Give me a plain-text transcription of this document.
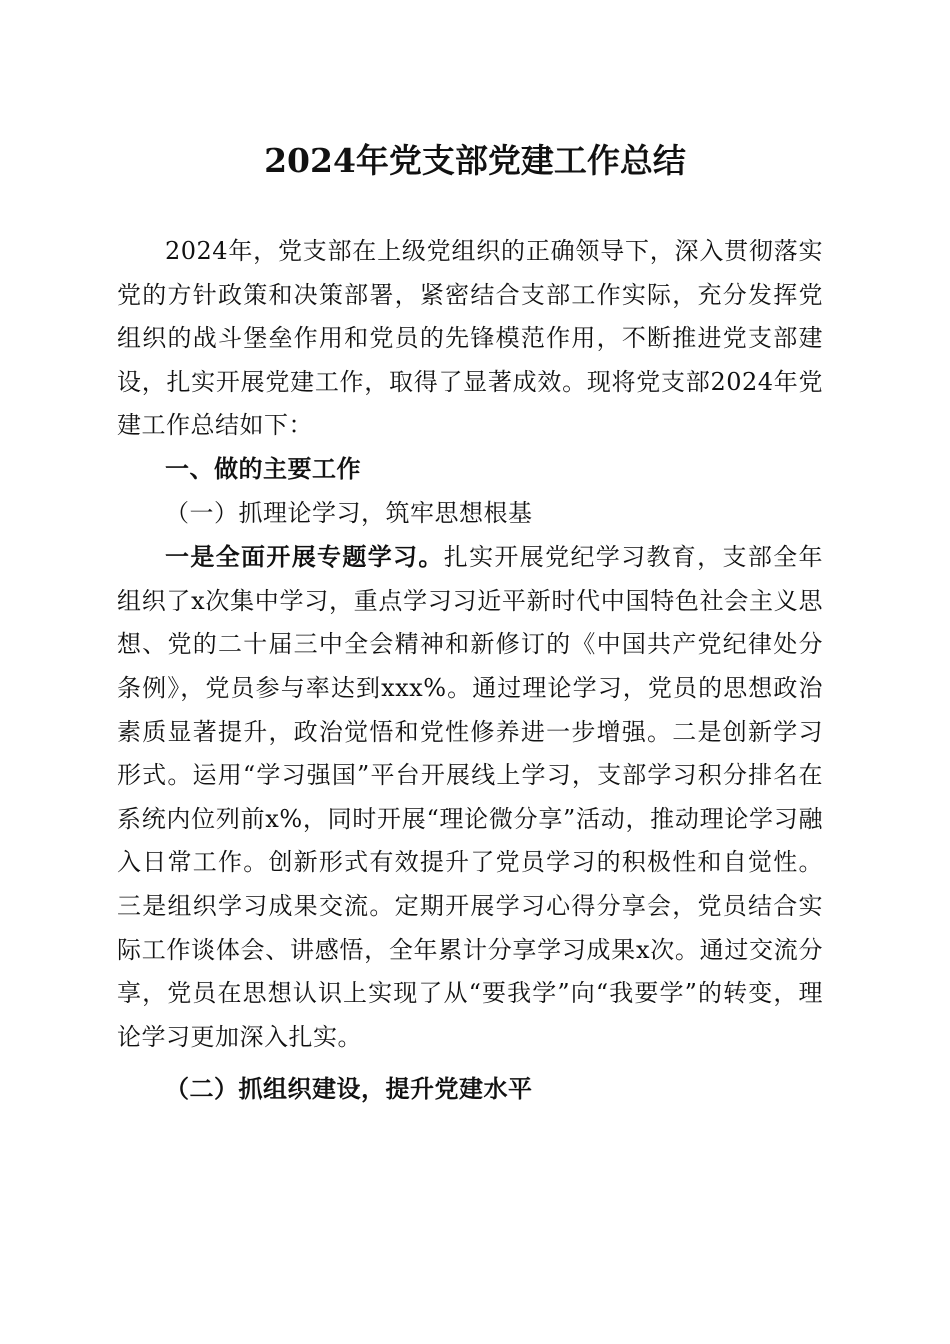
2024年党支部党建工作总结

2024年，党支部在上级党组织的正确领导下，深入贯彻落实党的方针政策和决策部署，紧密结合支部工作实际，充分发挥党组织的战斗堡垒作用和党员的先锋模范作用，不断推进党支部建设，扎实开展党建工作，取得了显著成效。现将党支部2024年党建工作总结如下：

一、做的主要工作

（一）抓理论学习，筑牢思想根基

一是全面开展专题学习。扎实开展党纪学习教育，支部全年组织了x次集中学习，重点学习习近平新时代中国特色社会主义思想、党的二十届三中全会精神和新修订的《中国共产党纪律处分条例》，党员参与率达到xxx%。通过理论学习，党员的思想政治素质显著提升，政治觉悟和党性修养进一步增强。二是创新学习形式。运用“学习强国”平台开展线上学习，支部学习积分排名在系统内位列前x%，同时开展“理论微分享”活动，推动理论学习融入日常工作。创新形式有效提升了党员学习的积极性和自觉性。三是组织学习成果交流。定期开展学习心得分享会，党员结合实际工作谈体会、讲感悟，全年累计分享学习成果x次。通过交流分享，党员在思想认识上实现了从“要我学”向“我要学”的转变，理论学习更加深入扎实。

（二）抓组织建设，提升党建水平
